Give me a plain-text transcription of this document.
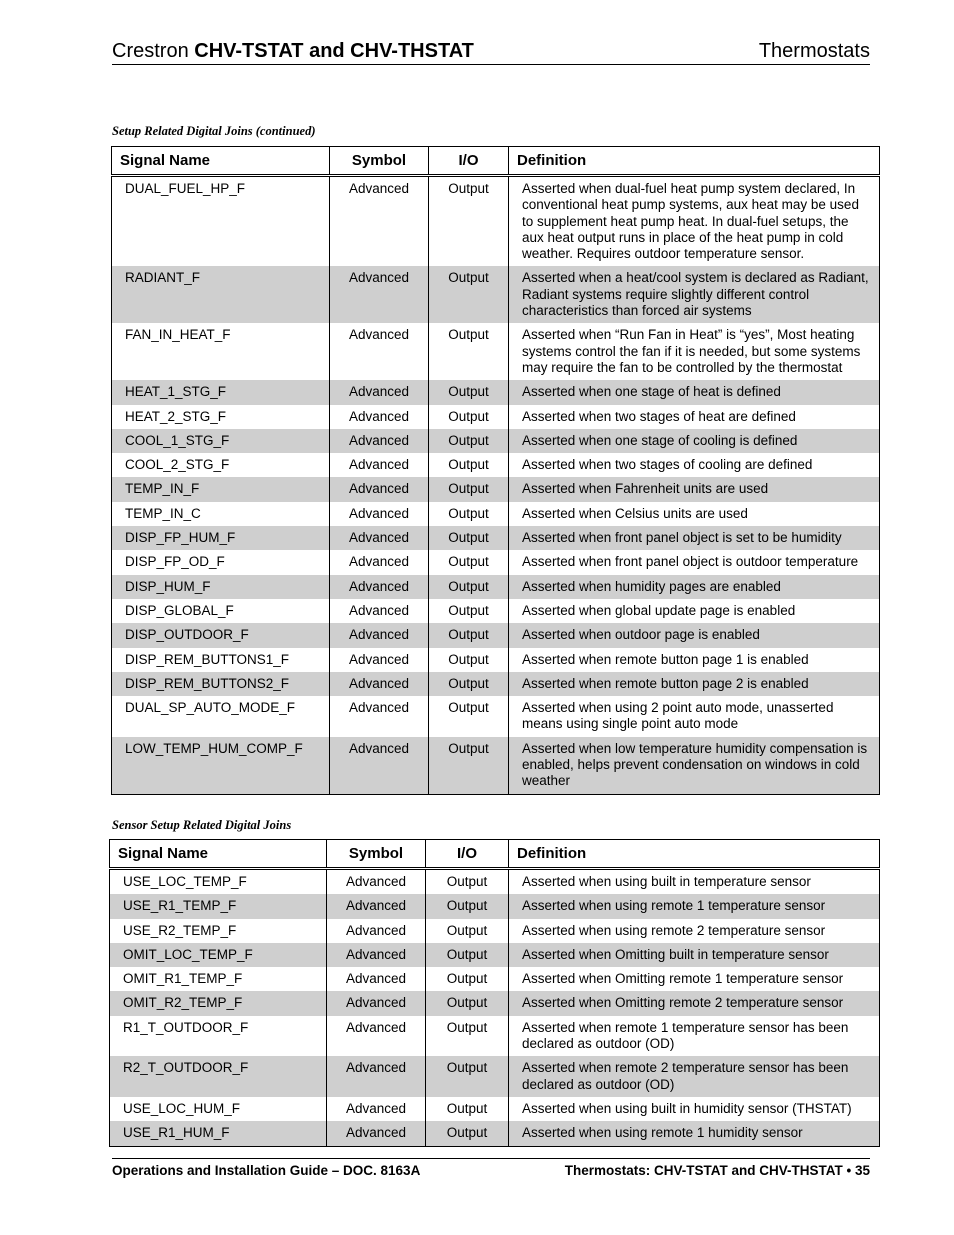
Crestron CHV-TSTAT and CHV-THSTAT	Thermostats
Setup Related Digital Joins (continued)
Signal Name	Symbol	I/O	Definition
DUAL_FUEL_HP_F	Advanced	Output	Asserted when dual-fuel heat pump system declared, In conventional heat pump systems, aux heat may be used to supplement heat pump heat. In dual-fuel setups, the aux heat output runs in place of the heat pump in cold weather. Requires outdoor temperature sensor.
RADIANT_F	Advanced	Output	Asserted when a heat/cool system is declared as Radiant, Radiant systems require slightly different control characteristics than forced air systems
FAN_IN_HEAT_F	Advanced	Output	Asserted when “Run Fan in Heat” is “yes”, Most heating systems control the fan if it is needed, but some systems may require the fan to be controlled by the thermostat
HEAT_1_STG_F	Advanced	Output	Asserted when one stage of heat is defined
HEAT_2_STG_F	Advanced	Output	Asserted when two stages of heat are defined
COOL_1_STG_F	Advanced	Output	Asserted when one stage of cooling is defined
COOL_2_STG_F	Advanced	Output	Asserted when two stages of cooling are defined
TEMP_IN_F	Advanced	Output	Asserted when Fahrenheit units are used
TEMP_IN_C	Advanced	Output	Asserted when Celsius units are used
DISP_FP_HUM_F	Advanced	Output	Asserted when front panel object is set to be humidity
DISP_FP_OD_F	Advanced	Output	Asserted when front panel object is outdoor temperature
DISP_HUM_F	Advanced	Output	Asserted when humidity pages are enabled
DISP_GLOBAL_F	Advanced	Output	Asserted when global update page is enabled
DISP_OUTDOOR_F	Advanced	Output	Asserted when outdoor page is enabled
DISP_REM_BUTTONS1_F	Advanced	Output	Asserted when remote button page 1 is enabled
DISP_REM_BUTTONS2_F	Advanced	Output	Asserted when remote button page 2 is enabled
DUAL_SP_AUTO_MODE_F	Advanced	Output	Asserted when using 2 point auto mode, unasserted means using single point auto mode
LOW_TEMP_HUM_COMP_F	Advanced	Output	Asserted when low temperature humidity compensation is enabled, helps prevent condensation on windows in cold weather
Sensor Setup Related Digital Joins
Signal Name	Symbol	I/O	Definition
USE_LOC_TEMP_F	Advanced	Output	Asserted when using built in temperature sensor
USE_R1_TEMP_F	Advanced	Output	Asserted when using remote 1 temperature sensor
USE_R2_TEMP_F	Advanced	Output	Asserted when using remote 2 temperature sensor
OMIT_LOC_TEMP_F	Advanced	Output	Asserted when Omitting built in temperature sensor
OMIT_R1_TEMP_F	Advanced	Output	Asserted when Omitting remote 1 temperature sensor
OMIT_R2_TEMP_F	Advanced	Output	Asserted when Omitting remote 2 temperature sensor
R1_T_OUTDOOR_F	Advanced	Output	Asserted when remote 1 temperature sensor has been declared as outdoor (OD)
R2_T_OUTDOOR_F	Advanced	Output	Asserted when remote 2 temperature sensor has been declared as outdoor (OD)
USE_LOC_HUM_F	Advanced	Output	Asserted when using built in humidity sensor (THSTAT)
USE_R1_HUM_F	Advanced	Output	Asserted when using remote 1 humidity sensor
Operations and Installation Guide – DOC. 8163A	Thermostats: CHV-TSTAT and CHV-THSTAT • 35
